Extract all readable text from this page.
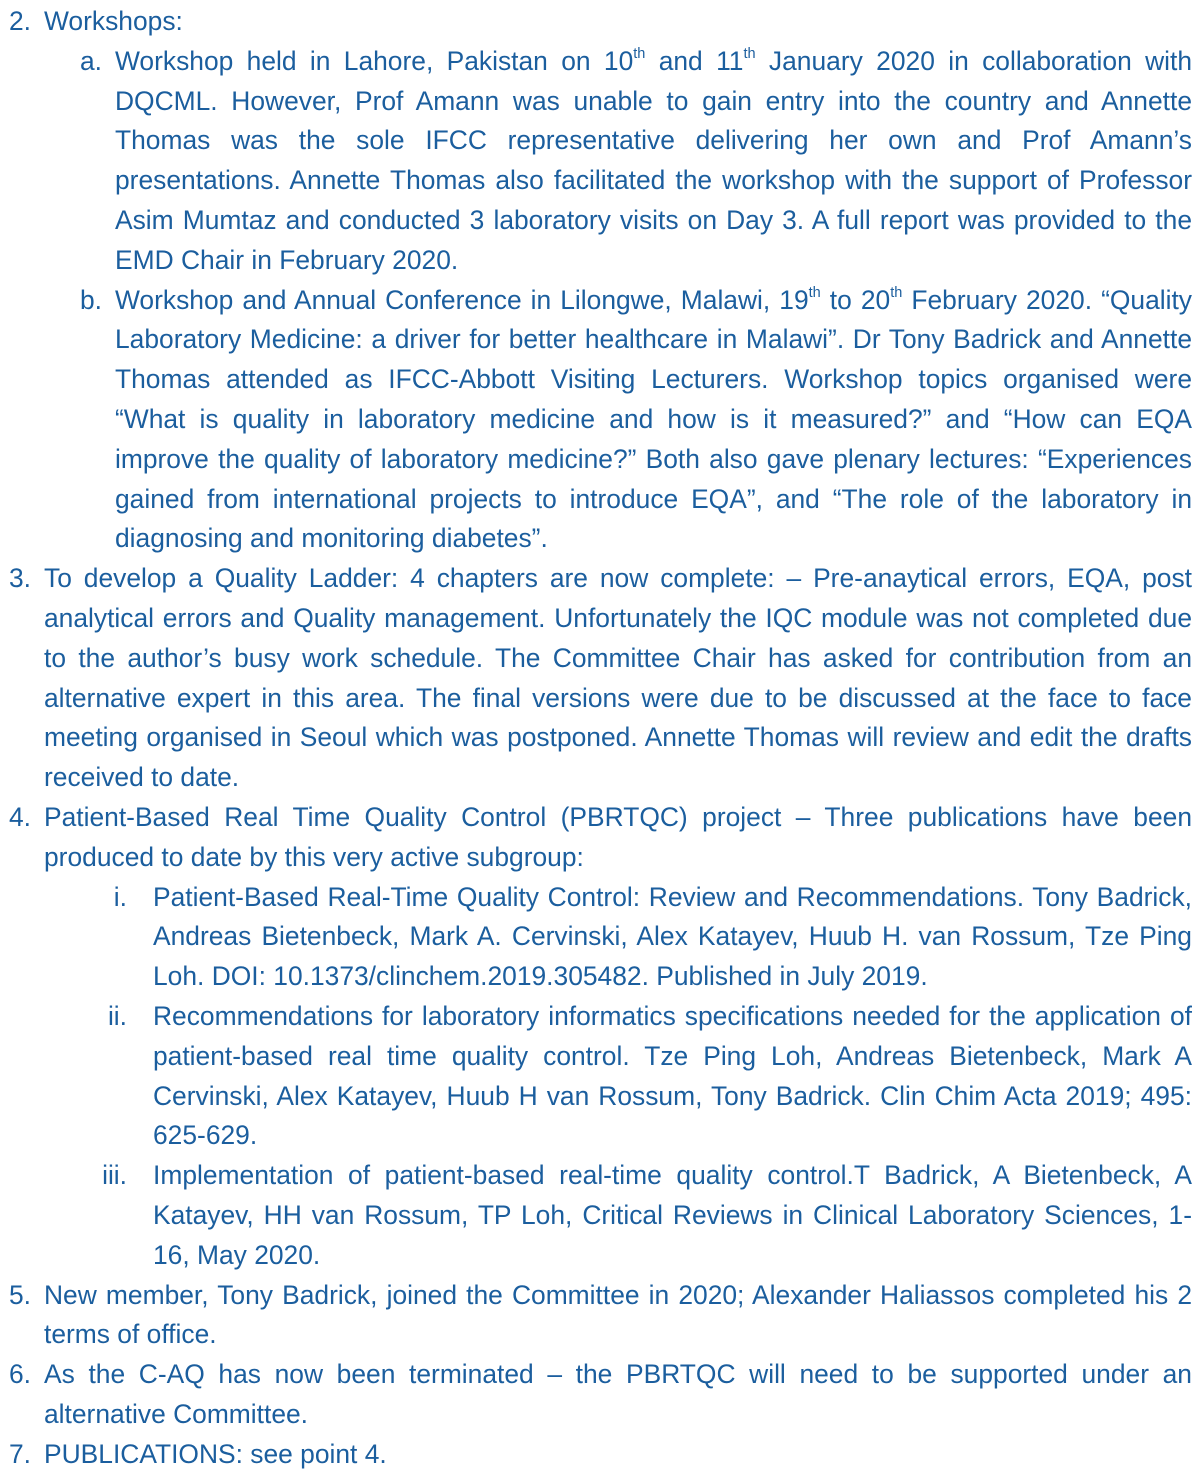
2. Workshops:
a. Workshop held in Lahore, Pakistan on 10th and 11th January 2020 in collaboration with DQCML. However, Prof Amann was unable to gain entry into the country and Annette Thomas was the sole IFCC representative delivering her own and Prof Amann’s presentations. Annette Thomas also facilitated the workshop with the support of Professor Asim Mumtaz and conducted 3 laboratory visits on Day 3. A full report was provided to the EMD Chair in February 2020.
b. Workshop and Annual Conference in Lilongwe, Malawi, 19th to 20th February 2020. “Quality Laboratory Medicine: a driver for better healthcare in Malawi”. Dr Tony Badrick and Annette Thomas attended as IFCC-Abbott Visiting Lecturers. Workshop topics organised were “What is quality in laboratory medicine and how is it measured?” and “How can EQA improve the quality of laboratory medicine?” Both also gave plenary lectures: “Experiences gained from international projects to introduce EQA”, and “The role of the laboratory in diagnosing and monitoring diabetes”.
3. To develop a Quality Ladder: 4 chapters are now complete: – Pre-anaytical errors, EQA, post analytical errors and Quality management. Unfortunately the IQC module was not completed due to the author’s busy work schedule. The Committee Chair has asked for contribution from an alternative expert in this area. The final versions were due to be discussed at the face to face meeting organised in Seoul which was postponed. Annette Thomas will review and edit the drafts received to date.
4. Patient-Based Real Time Quality Control (PBRTQC) project – Three publications have been produced to date by this very active subgroup:
i. Patient-Based Real-Time Quality Control: Review and Recommendations. Tony Badrick, Andreas Bietenbeck, Mark A. Cervinski, Alex Katayev, Huub H. van Rossum, Tze Ping Loh. DOI: 10.1373/clinchem.2019.305482. Published in July 2019.
ii. Recommendations for laboratory informatics specifications needed for the application of patient-based real time quality control. Tze Ping Loh, Andreas Bietenbeck, Mark A Cervinski, Alex Katayev, Huub H van Rossum, Tony Badrick. Clin Chim Acta 2019; 495: 625-629.
iii. Implementation of patient-based real-time quality control.T Badrick, A Bietenbeck, A Katayev, HH van Rossum, TP Loh, Critical Reviews in Clinical Laboratory Sciences, 1-16, May 2020.
5. New member, Tony Badrick, joined the Committee in 2020; Alexander Haliassos completed his 2 terms of office.
6. As the C-AQ has now been terminated – the PBRTQC will need to be supported under an alternative Committee.
7. PUBLICATIONS: see point 4.
